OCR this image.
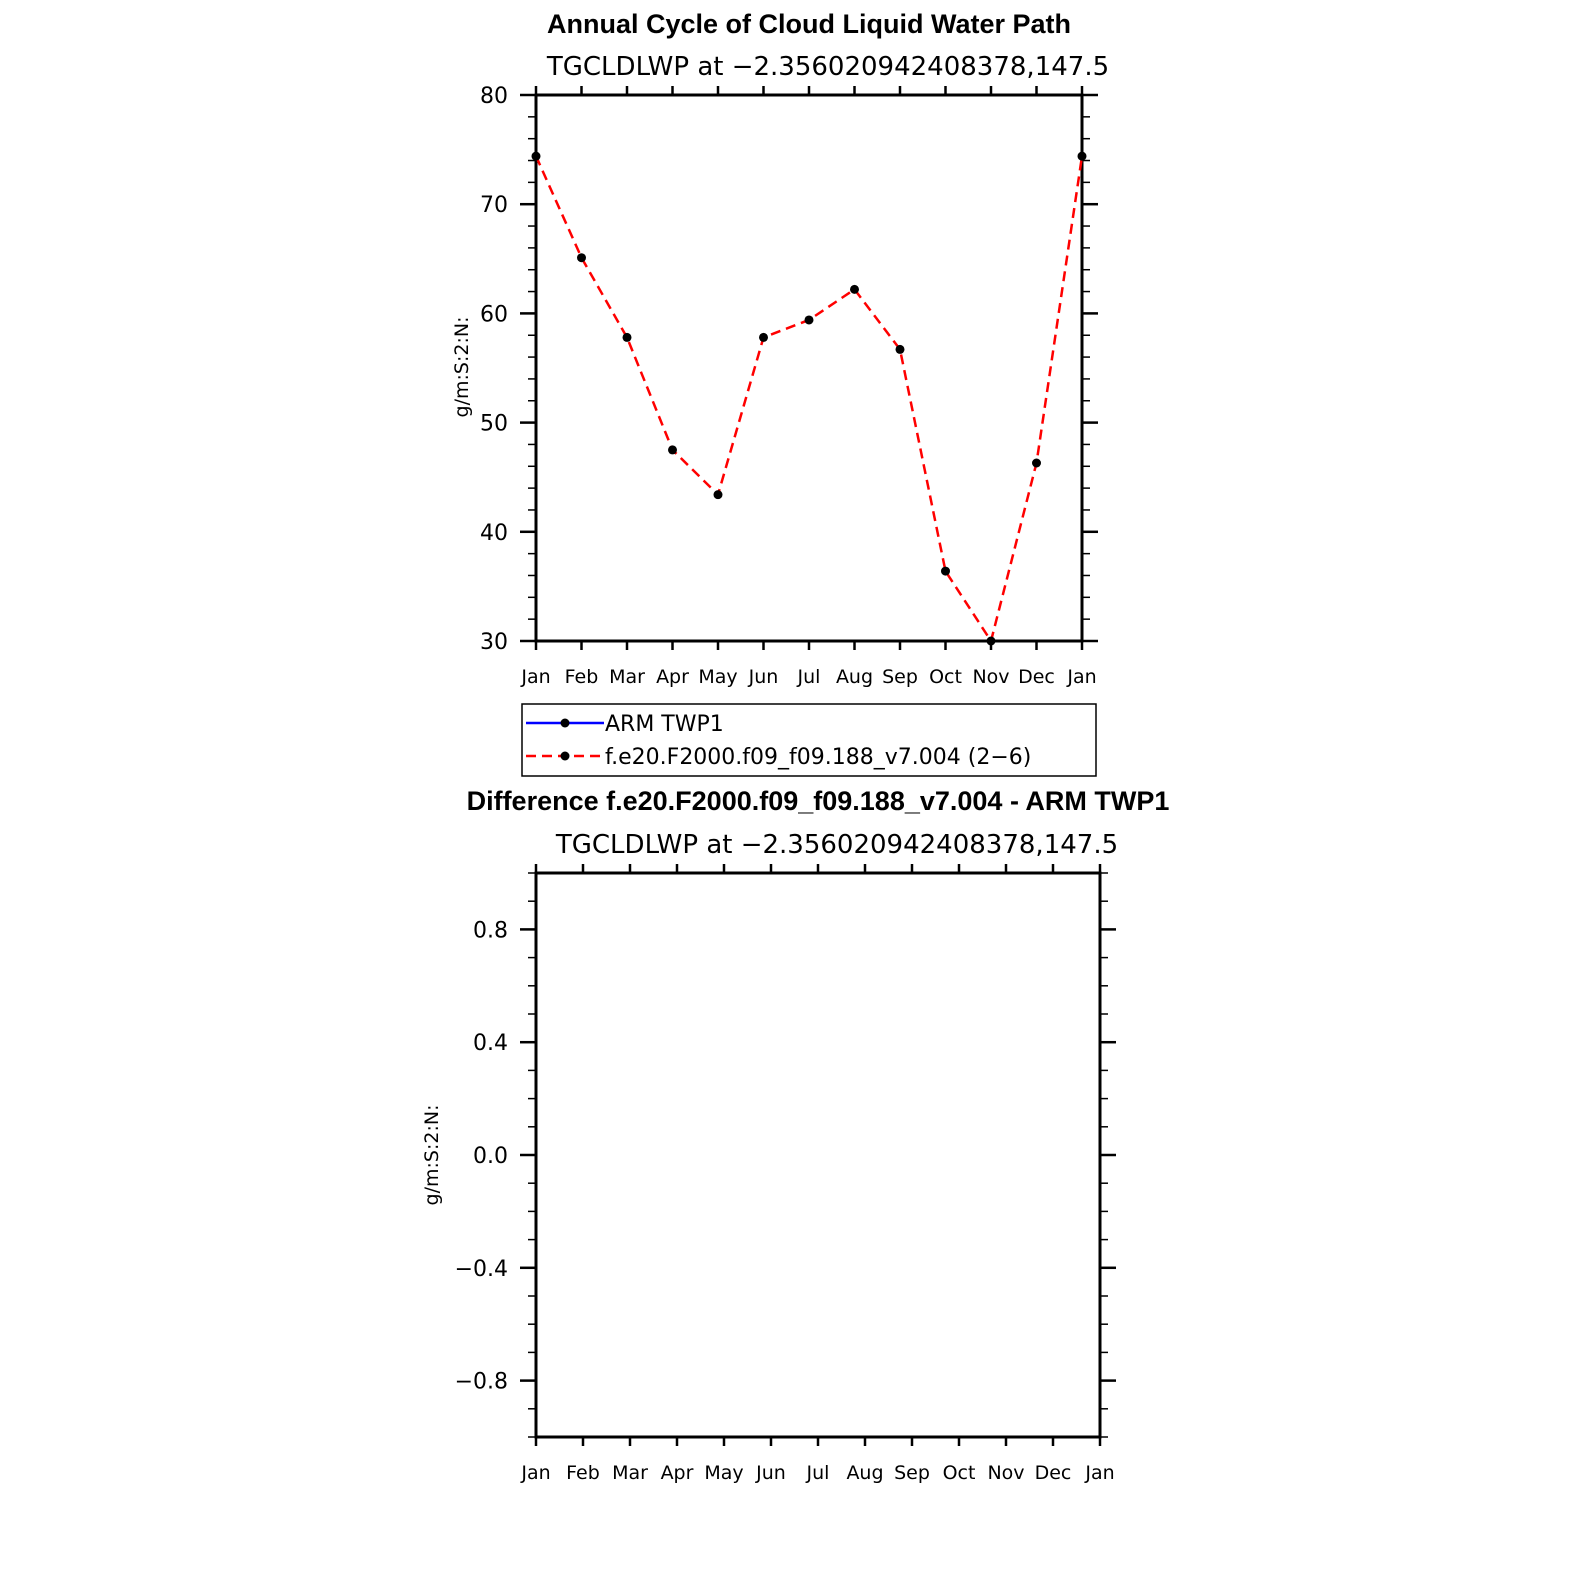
Annual Cycle of Cloud Liquid Water Path
TGCLDLWP at −2.356020942408378,147.5
g/m:S:2:N:
30
40
50
60
70
80
Jan Feb Mar Apr May Jun Jul Aug Sep Oct Nov Dec Jan
ARM TWP1
f.e20.F2000.f09_f09.188_v7.004 (2−6)
Difference f.e20.F2000.f09_f09.188_v7.004 - ARM TWP1
TGCLDLWP at −2.356020942408378,147.5
g/m:S:2:N:
−0.8
−0.4
0.0
0.4
0.8
Jan Feb Mar Apr May Jun Jul Aug Sep Oct Nov Dec Jan
